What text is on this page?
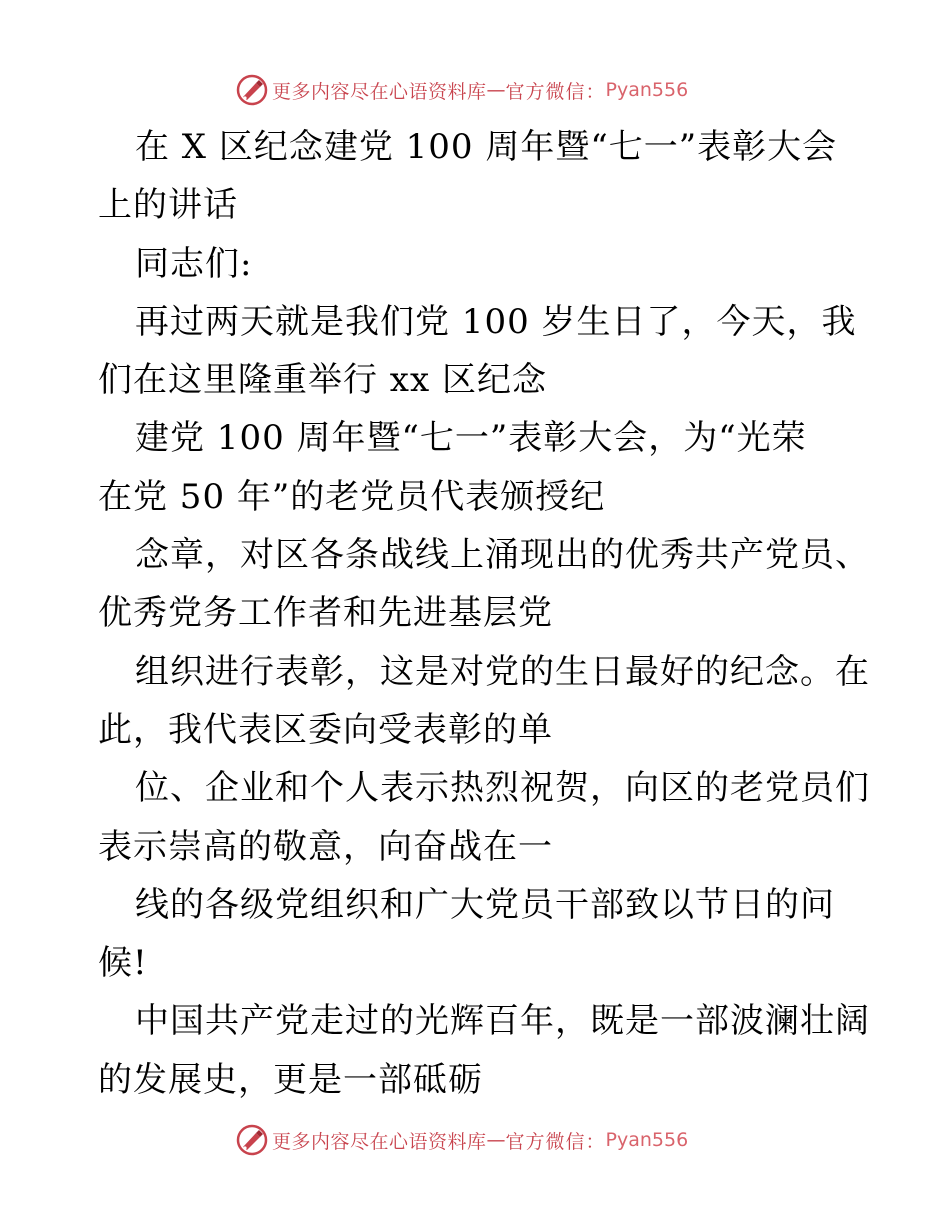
更多内容尽在心语资料库 — 官方微信： Pyan556
在 X 区纪念建党 100 周年暨“七一”表彰大会
上的讲话
同志们:
再过两天就是我们党 100 岁生日了，今天，我
们在这里隆重举行 xx 区纪念
建党 100 周年暨“七一”表彰大会，为“光荣
在党 50 年”的老党员代表颁授纪
念章，对区各条战线上涌现出的优秀共产党员、
优秀党务工作者和先进基层党
组织进行表彰，这是对党的生日最好的纪念。在
此，我代表区委向受表彰的单
位、企业和个人表示热烈祝贺，向区的老党员们
表示崇高的敬意，向奋战在一
线的各级党组织和广大党员干部致以节日的问
候!
中国共产党走过的光辉百年，既是一部波澜壮阔
的发展史，更是一部砥砺
更多内容尽在心语资料库 — 官方微信： Pyan556
